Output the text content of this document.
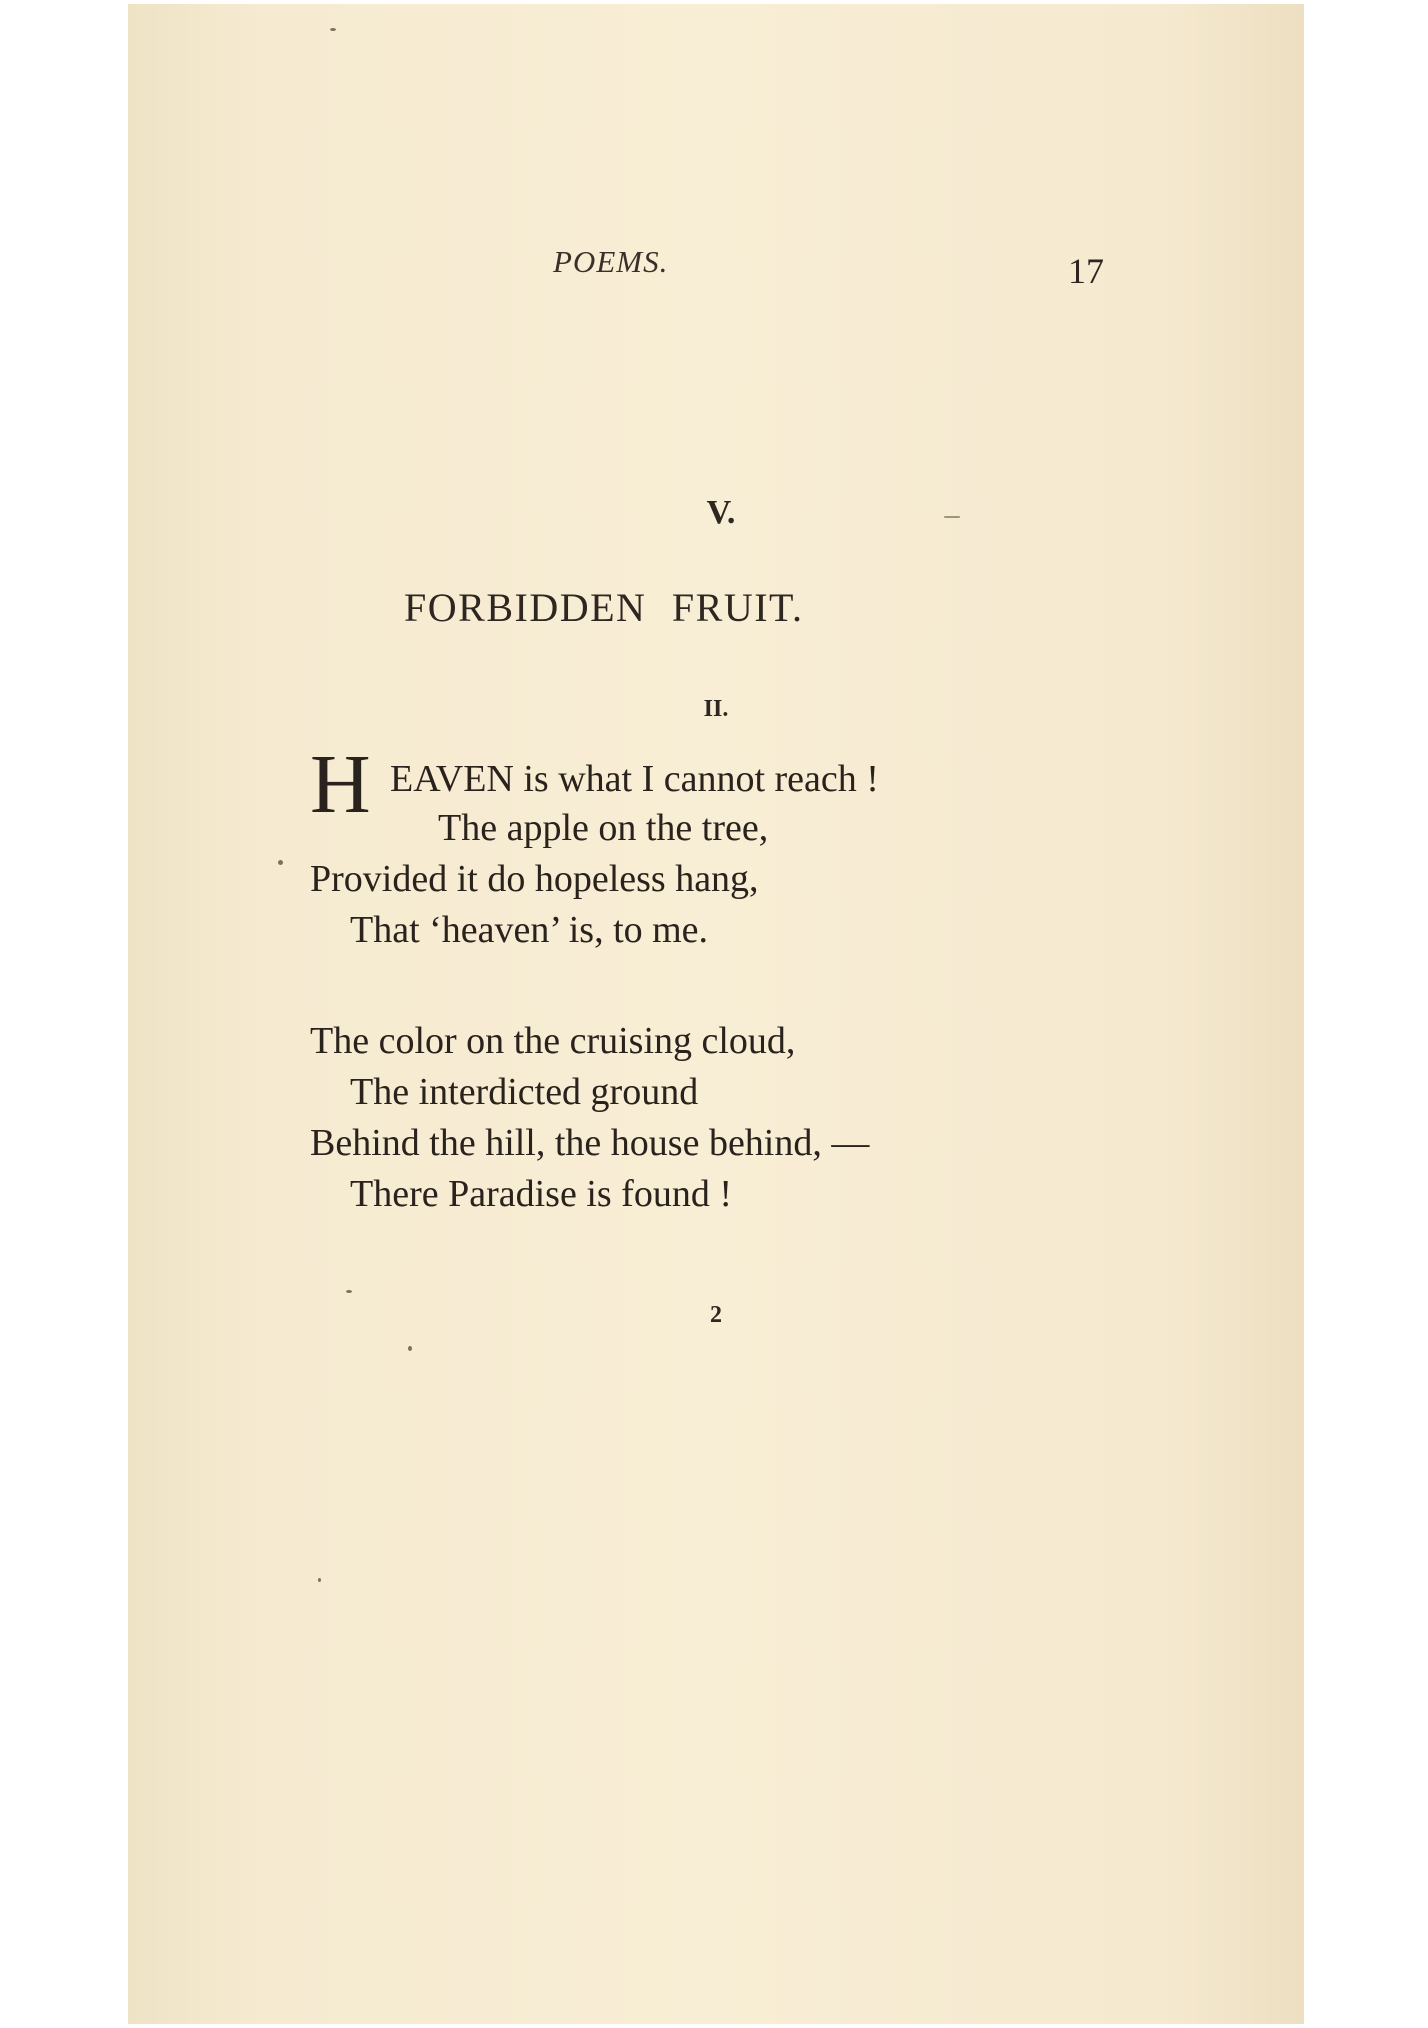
POEMS.	17
V.
FORBIDDEN FRUIT.
II.
H EAVEN is what I cannot reach !
The apple on the tree,
Provided it do hopeless hang,
That ‘heaven’ is, to me.
The color on the cruising cloud,
The interdicted ground
Behind the hill, the house behind, —
There Paradise is found !
2
